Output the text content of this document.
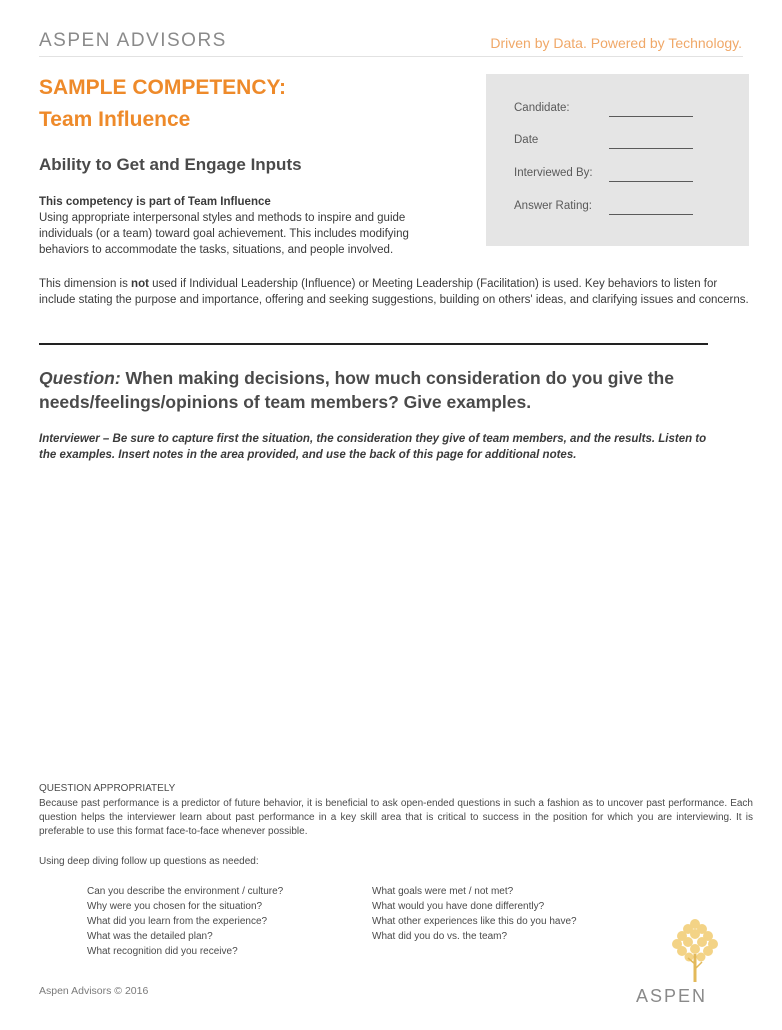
ASPEN ADVISORS	Driven by Data. Powered by Technology.
SAMPLE COMPETENCY:
Team Influence
Ability to Get and Engage Inputs
This competency is part of Team Influence
Using appropriate interpersonal styles and methods to inspire and guide individuals (or a team) toward goal achievement. This includes modifying behaviors to accommodate the tasks, situations, and people involved.
Candidate:
Date
Interviewed By:
Answer Rating:
This dimension is not used if Individual Leadership (Influence) or Meeting Leadership (Facilitation) is used. Key behaviors to listen for include stating the purpose and importance, offering and seeking suggestions, building on others' ideas, and clarifying issues and concerns.
Question: When making decisions, how much consideration do you give the needs/feelings/opinions of team members? Give examples.
Interviewer – Be sure to capture first the situation, the consideration they give of team members, and the results. Listen to the examples. Insert notes in the area provided, and use the back of this page for additional notes.
QUESTION APPROPRIATELY
Because past performance is a predictor of future behavior, it is beneficial to ask open-ended questions in such a fashion as to uncover past performance. Each question helps the interviewer learn about past performance in a key skill area that is critical to success in the position for which you are interviewing. It is preferable to use this format face-to-face whenever possible.
Using deep diving follow up questions as needed:
Can you describe the environment / culture?
Why were you chosen for the situation?
What did you learn from the experience?
What was the detailed plan?
What recognition did you receive?
What goals were met / not met?
What would you have done differently?
What other experiences like this do you have?
What did you do vs. the team?
Aspen Advisors © 2016	ASPEN
